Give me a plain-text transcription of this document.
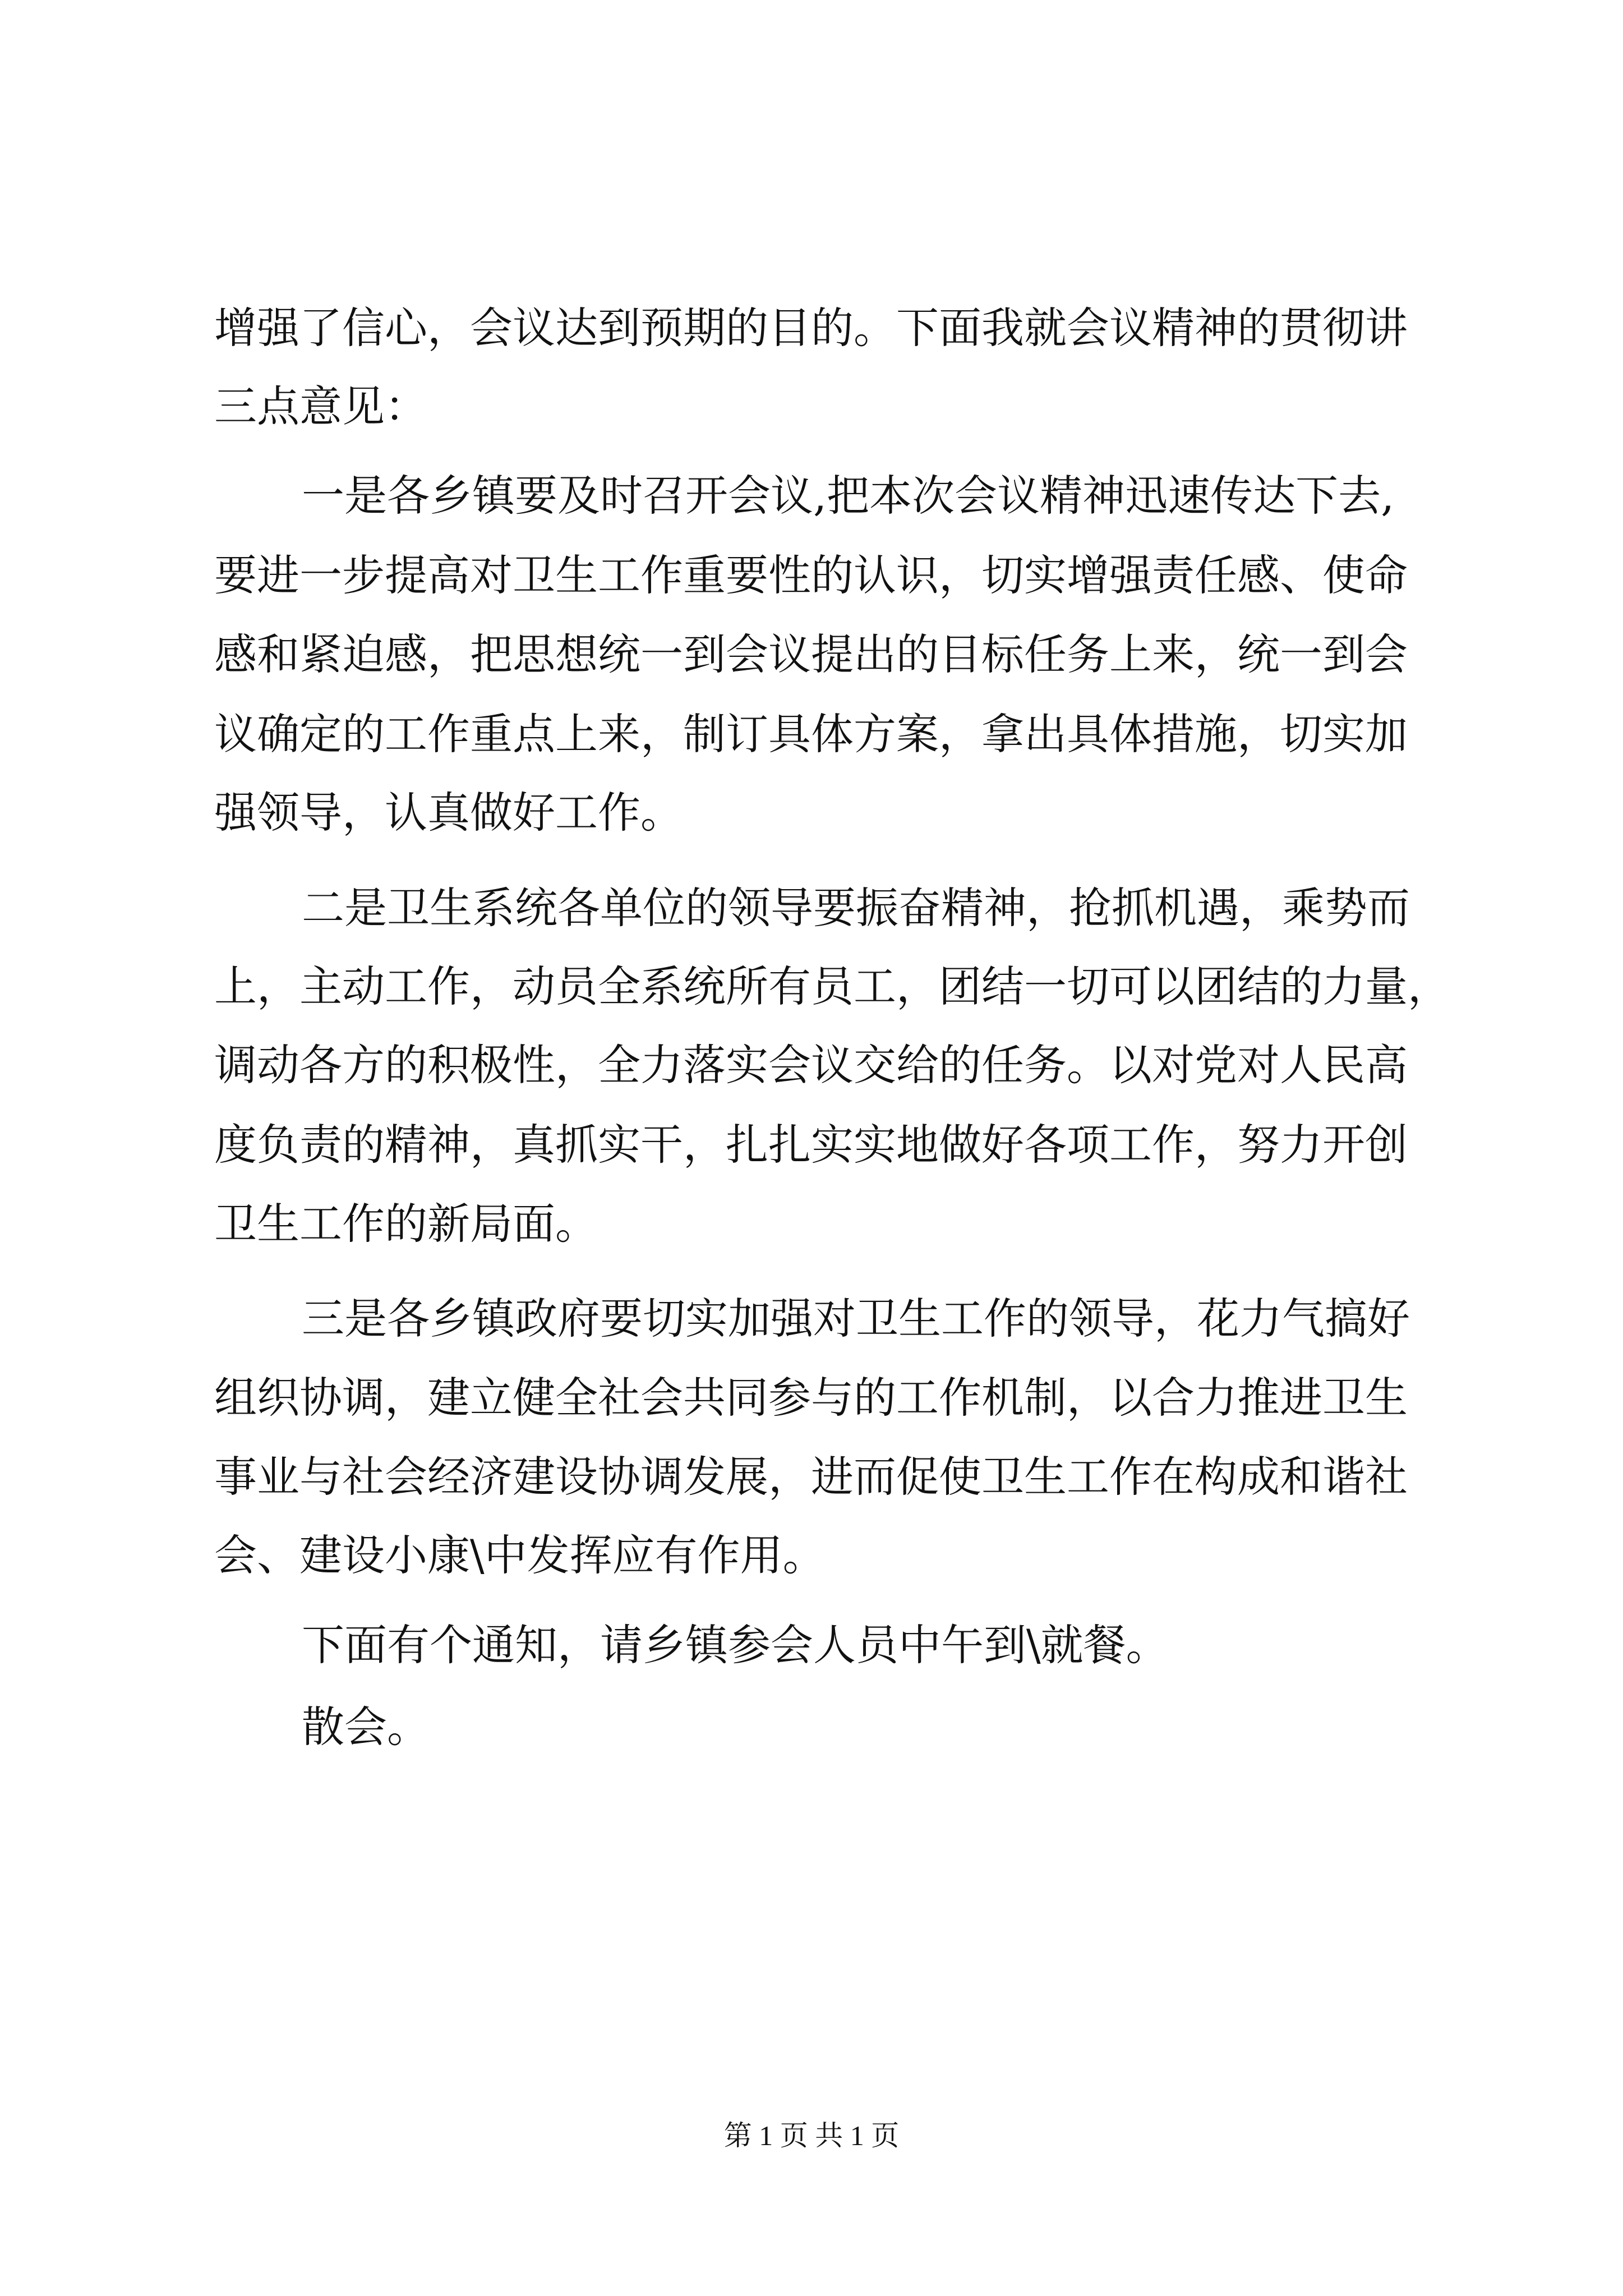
增强了信心，会议达到预期的目的。下面我就会议精神的贯彻讲
三点意见：
一是各乡镇要及时召开会议,把本次会议精神迅速传达下去,
要进一步提高对卫生工作重要性的认识，切实增强责任感、使命
感和紧迫感，把思想统一到会议提出的目标任务上来，统一到会
议确定的工作重点上来，制订具体方案，拿出具体措施，切实加
强领导，认真做好工作。
二是卫生系统各单位的领导要振奋精神，抢抓机遇，乘势而
上，主动工作，动员全系统所有员工，团结一切可以团结的力量，
调动各方的积极性，全力落实会议交给的任务。以对党对人民高
度负责的精神，真抓实干，扎扎实实地做好各项工作，努力开创
卫生工作的新局面。
三是各乡镇政府要切实加强对卫生工作的领导，花力气搞好
组织协调，建立健全社会共同参与的工作机制，以合力推进卫生
事业与社会经济建设协调发展，进而促使卫生工作在构成和谐社
会、建设小康\中发挥应有作用。
下面有个通知，请乡镇参会人员中午到\就餐。
散会。
第 1 页 共 1 页
